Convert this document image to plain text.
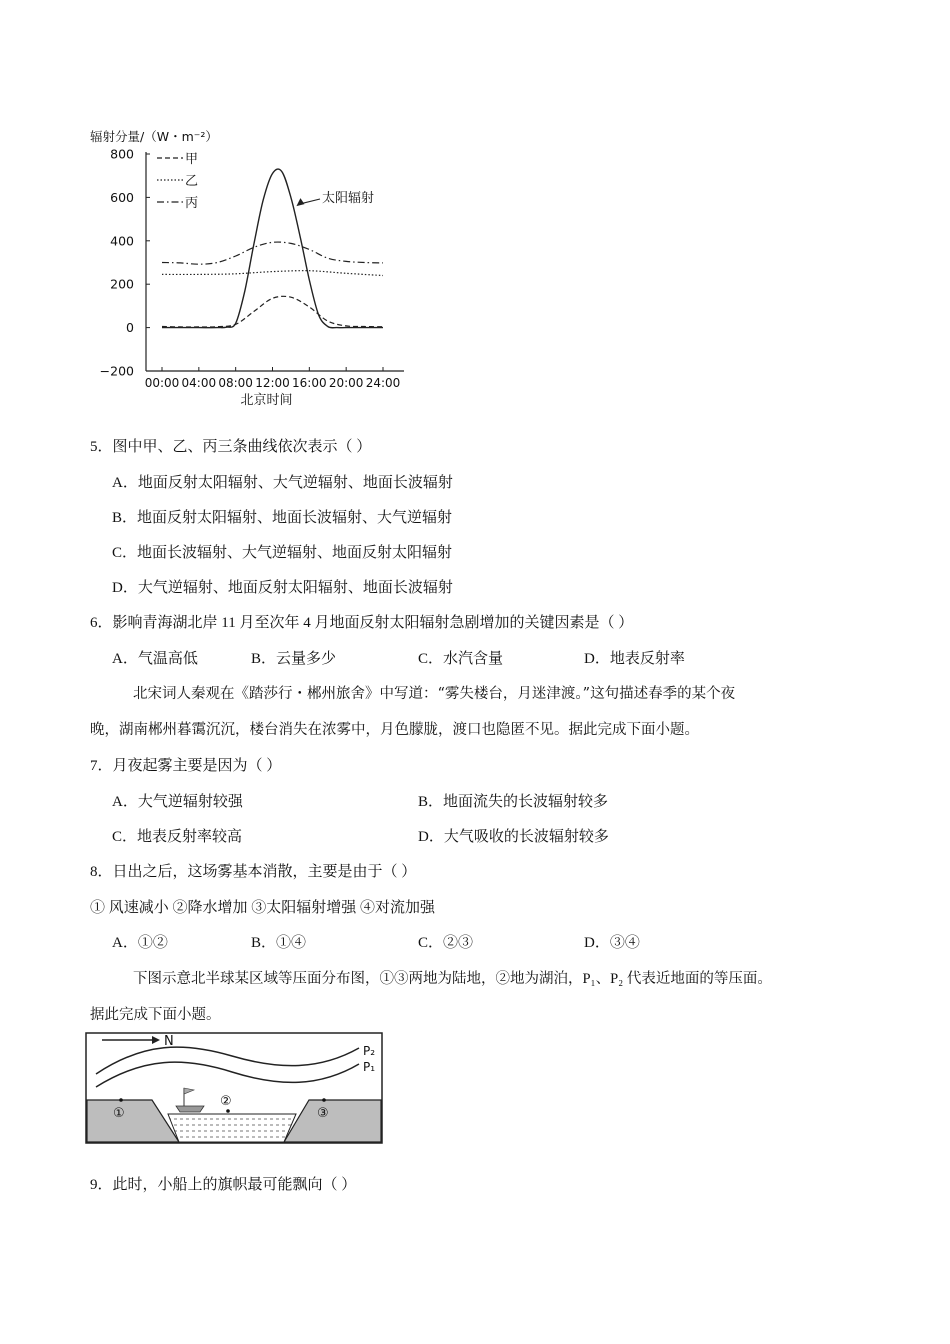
辐射分量/（W・m⁻²）
800
600
400
200
0
−200
00:00 04:00 08:00 12:00 16:00 20:00 24:00
北京时间
甲
乙
丙	太阳辐射
5．图中甲、乙、丙三条曲线依次表示（ ）
A．地面反射太阳辐射、大气逆辐射、地面长波辐射
B．地面反射太阳辐射、地面长波辐射、大气逆辐射
C．地面长波辐射、大气逆辐射、地面反射太阳辐射
D．大气逆辐射、地面反射太阳辐射、地面长波辐射
6．影响青海湖北岸 11 月至次年 4 月地面反射太阳辐射急剧增加的关键因素是（ ）
A．气温高低	B．云量多少	C．水汽含量	D．地表反射率
北宋词人秦观在《踏莎行・郴州旅舍》中写道：“雾失楼台，月迷津渡。”这句描述春季的某个夜
晚，湖南郴州暮霭沉沉，楼台消失在浓雾中，月色朦胧，渡口也隐匿不见。据此完成下面小题。
7．月夜起雾主要是因为（ ）
A．大气逆辐射较强	B．地面流失的长波辐射较多
C．地表反射率较高	D．大气吸收的长波辐射较多
8．日出之后，这场雾基本消散，主要是由于（ ）
① 风速减小 ②降水增加 ③太阳辐射增强 ④对流加强
A．①②	B．①④	C．②③	D．③④
下图示意北半球某区域等压面分布图，①③两地为陆地，②地为湖泊，P₁、P₂ 代表近地面的等压面。
据此完成下面小题。
N
P₂
P₁
①
②
③
9．此时，小船上的旗帜最可能飘向（ ）
